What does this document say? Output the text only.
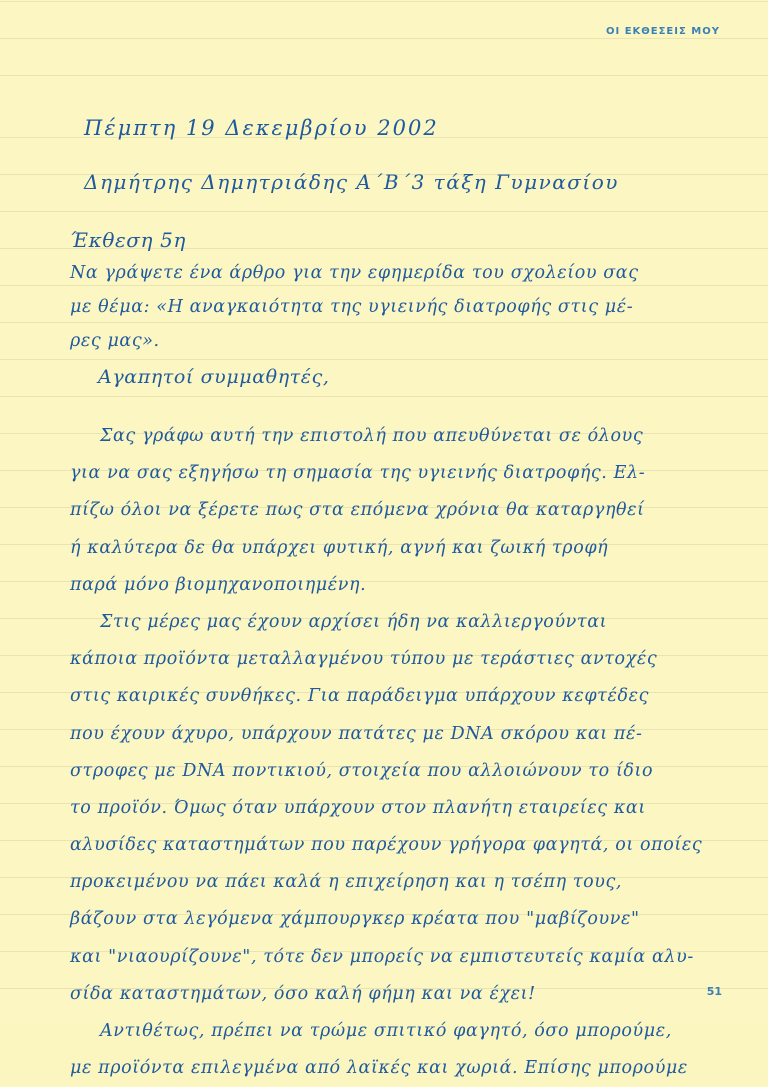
ΟΙ ΕΚΘΕΣΕΙΣ ΜΟΥ
Πέμπτη 19 Δεκεμβρίου 2002
Δημήτρης Δημητριάδης Α΄Β΄3 τάξη Γυμνασίου
Έκθεση 5η
Να γράψετε ένα άρθρο για την εφημερίδα του σχολείου σας
με θέμα: «Η αναγκαιότητα της υγιεινής διατροφής στις μέ-
ρες μας».
Αγαπητοί συμμαθητές,
Σας γράφω αυτή την επιστολή που απευθύνεται σε όλους
για να σας εξηγήσω τη σημασία της υγιεινής διατροφής. Ελ-
πίζω όλοι να ξέρετε πως στα επόμενα χρόνια θα καταργηθεί
ή καλύτερα δε θα υπάρχει φυτική, αγνή και ζωική τροφή
παρά μόνο βιομηχανοποιημένη.
Στις μέρες μας έχουν αρχίσει ήδη να καλλιεργούνται
κάποια προϊόντα μεταλλαγμένου τύπου με τεράστιες αντοχές
στις καιρικές συνθήκες. Για παράδειγμα υπάρχουν κεφτέδες
που έχουν άχυρο, υπάρχουν πατάτες με DNA σκόρου και πέ-
στροφες με DNA ποντικιού, στοιχεία που αλλοιώνουν το ίδιο
το προϊόν. Όμως όταν υπάρχουν στον πλανήτη εταιρείες και
αλυσίδες καταστημάτων που παρέχουν γρήγορα φαγητά, οι οποίες
προκειμένου να πάει καλά η επιχείρηση και η τσέπη τους,
βάζουν στα λεγόμενα χάμπουργκερ κρέατα που "μαβίζουνε"
και "νιαουρίζουνε", τότε δεν μπορείς να εμπιστευτείς καμία αλυ-
σίδα καταστημάτων, όσο καλή φήμη και να έχει!
Αντιθέτως, πρέπει να τρώμε σπιτικό φαγητό, όσο μπορούμε,
με προϊόντα επιλεγμένα από λαϊκές και χωριά. Επίσης μπορούμε
51
